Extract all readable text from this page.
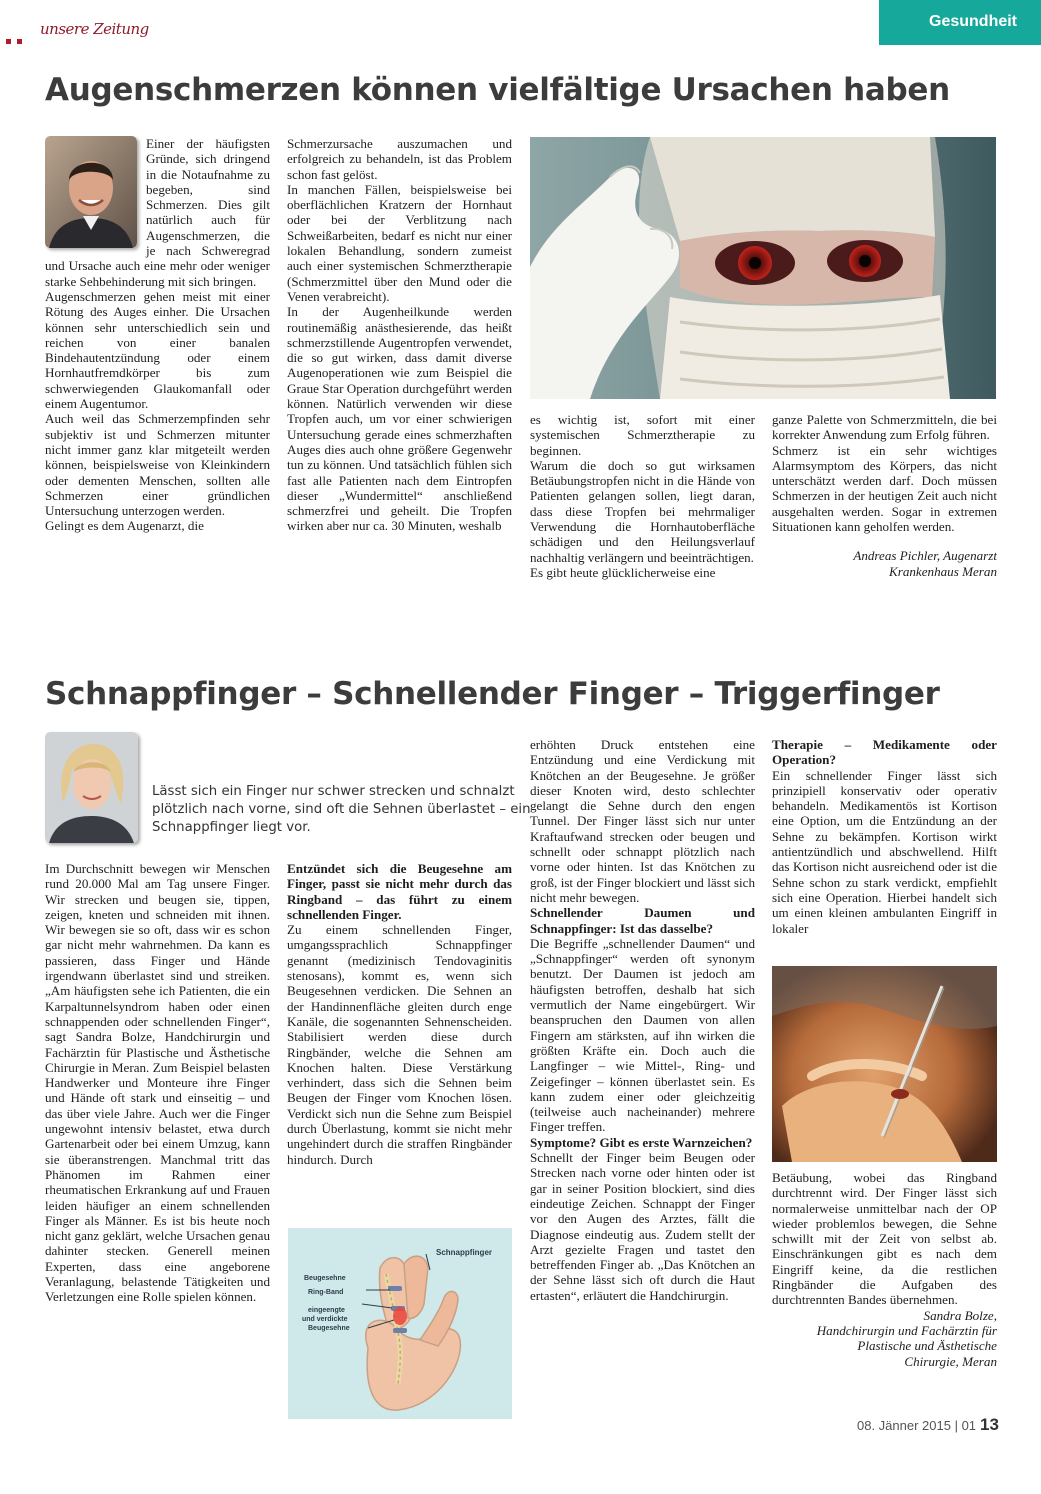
unsere Zeitung	Gesundheit
Augenschmerzen können vielfältige Ursachen haben

Einer der häufigsten Gründe, sich dringend in die Notaufnahme zu begeben, sind Schmerzen. Dies gilt natürlich auch für Augenschmerzen, die je nach Schweregrad und Ursache auch eine mehr oder weniger starke Sehbehinderung mit sich bringen.

Augenschmerzen gehen meist mit einer Rötung des Auges einher. Die Ursachen können sehr unterschiedlich sein und reichen von einer banalen Bindehautentzündung oder einem Hornhautfremdkörper bis zum schwerwiegenden Glaukomanfall oder einem Augentumor.

Auch weil das Schmerzempfinden sehr subjektiv ist und Schmerzen mitunter nicht immer ganz klar mitgeteilt werden können, beispielsweise von Kleinkindern oder dementen Menschen, sollten alle Schmerzen einer gründlichen Untersuchung unterzogen werden.

Gelingt es dem Augenarzt, die

Schmerzursache auszumachen und erfolgreich zu behandeln, ist das Problem schon fast gelöst.

In manchen Fällen, beispielsweise bei oberflächlichen Kratzern der Hornhaut oder bei der Verblitzung nach Schweißarbeiten, bedarf es nicht nur einer lokalen Behandlung, sondern zumeist auch einer systemischen Schmerztherapie (Schmerzmittel über den Mund oder die Venen verabreicht).

In der Augenheilkunde werden routinemäßig anästhesierende, das heißt schmerzstillende Augentropfen verwendet, die so gut wirken, dass damit diverse Augenoperationen wie zum Beispiel die Graue Star Operation durchgeführt werden können. Natürlich verwenden wir diese Tropfen auch, um vor einer schwierigen Untersuchung gerade eines schmerzhaften Auges dies auch ohne größere Gegenwehr tun zu können. Und tatsächlich fühlen sich fast alle Patienten nach dem Eintropfen dieser „Wundermittel“ anschließend schmerzfrei und geheilt. Die Tropfen wirken aber nur ca. 30 Minuten, weshalb

es wichtig ist, sofort mit einer systemischen Schmerztherapie zu beginnen.

Warum die doch so gut wirksamen Betäubungstropfen nicht in die Hände von Patienten gelangen sollen, liegt daran, dass diese Tropfen bei mehrmaliger Verwendung die Hornhautoberfläche schädigen und den Heilungsverlauf nachhaltig verlängern und beeinträchtigen.

Es gibt heute glücklicherweise eine

ganze Palette von Schmerzmitteln, die bei korrekter Anwendung zum Erfolg führen.

Schmerz ist ein sehr wichtiges Alarmsymptom des Körpers, das nicht unterschätzt werden darf. Doch müssen Schmerzen in der heutigen Zeit auch nicht ausgehalten werden. Sogar in extremen Situationen kann geholfen werden.

Andreas Pichler, Augenarzt
Krankenhaus Meran

Schnappfinger – Schnellender Finger – Triggerfinger
Lässt sich ein Finger nur schwer strecken und schnalzt plötzlich nach vorne, sind oft die Sehnen überlastet – ein Schnappfinger liegt vor.

Im Durchschnitt bewegen wir Menschen rund 20.000 Mal am Tag unsere Finger. Wir strecken und beugen sie, tippen, zeigen, kneten und schneiden mit ihnen. Wir bewegen sie so oft, dass wir es schon gar nicht mehr wahrnehmen. Da kann es passieren, dass Finger und Hände irgendwann überlastet sind und streiken. „Am häufigsten sehe ich Patienten, die ein Karpaltunnelsyndrom haben oder einen schnappenden oder schnellenden Finger“, sagt Sandra Bolze, Handchirurgin und Fachärztin für Plastische und Ästhetische Chirurgie in Meran. Zum Beispiel belasten Handwerker und Monteure ihre Finger und Hände oft stark und einseitig – und das über viele Jahre. Auch wer die Finger ungewohnt intensiv belastet, etwa durch Gartenarbeit oder bei einem Umzug, kann sie überanstrengen. Manchmal tritt das Phänomen im Rahmen einer rheumatischen Erkrankung auf und Frauen leiden häufiger an einem schnellenden Finger als Männer. Es ist bis heute noch nicht ganz geklärt, welche Ursachen genau dahinter stecken. Generell meinen Experten, dass eine angeborene Veranlagung, belastende Tätigkeiten und Verletzungen eine Rolle spielen können.

Entzündet sich die Beugesehne am Finger, passt sie nicht mehr durch das Ringband – das führt zu einem schnellenden Finger.

Zu einem schnellenden Finger, umgangssprachlich Schnappfinger genannt (medizinisch Tendovaginitis stenosans), kommt es, wenn sich Beugesehnen verdicken. Die Sehnen an der Handinnenfläche gleiten durch enge Kanäle, die sogenannten Sehnenscheiden. Stabilisiert werden diese durch Ringbänder, welche die Sehnen am Knochen halten. Diese Verstärkung verhindert, dass sich die Sehnen beim Beugen der Finger vom Knochen lösen. Verdickt sich nun die Sehne zum Beispiel durch Überlastung, kommt sie nicht mehr ungehindert durch die straffen Ringbänder hindurch. Durch

Schnappfinger
Beugesehne
Ring-Band
eingeengte
und verdickte
Beugesehne

erhöhten Druck entstehen eine Entzündung und eine Verdickung mit Knötchen an der Beugesehne. Je größer dieser Knoten wird, desto schlechter gelangt die Sehne durch den engen Tunnel. Der Finger lässt sich nur unter Kraftaufwand strecken oder beugen und schnellt oder schnappt plötzlich nach vorne oder hinten. Ist das Knötchen zu groß, ist der Finger blockiert und lässt sich nicht mehr bewegen.

Schnellender Daumen und Schnappfinger: Ist das dasselbe?

Die Begriffe „schnellender Daumen“ und „Schnappfinger“ werden oft synonym benutzt. Der Daumen ist jedoch am häufigsten betroffen, deshalb hat sich vermutlich der Name eingebürgert. Wir beanspruchen den Daumen von allen Fingern am stärksten, auf ihn wirken die größten Kräfte ein. Doch auch die Langfinger – wie Mittel-, Ring- und Zeigefinger – können überlastet sein. Es kann zudem einer oder gleichzeitig (teilweise auch nacheinander) mehrere Finger treffen.

Symptome? Gibt es erste Warnzeichen?

Schnellt der Finger beim Beugen oder Strecken nach vorne oder hinten oder ist gar in seiner Position blockiert, sind dies eindeutige Zeichen. Schnappt der Finger vor den Augen des Arztes, fällt die Diagnose eindeutig aus. Zudem stellt der Arzt gezielte Fragen und tastet den betreffenden Finger ab. „Das Knötchen an der Sehne lässt sich oft durch die Haut ertasten“, erläutert die Handchirurgin.

Therapie – Medikamente oder Operation?

Ein schnellender Finger lässt sich prinzipiell konservativ oder operativ behandeln. Medikamentös ist Kortison eine Option, um die Entzündung an der Sehne zu bekämpfen. Kortison wirkt antientzündlich und abschwellend. Hilft das Kortison nicht ausreichend oder ist die Sehne schon zu stark verdickt, empfiehlt sich eine Operation. Hierbei handelt sich um einen kleinen ambulanten Eingriff in lokaler

Betäubung, wobei das Ringband durchtrennt wird. Der Finger lässt sich normalerweise unmittelbar nach der OP wieder problemlos bewegen, die Sehne schwillt mit der Zeit von selbst ab. Einschränkungen gibt es nach dem Eingriff keine, da die restlichen Ringbänder die Aufgaben des durchtrennten Bandes übernehmen.

Sandra Bolze,
Handchirurgin und Fachärztin für
Plastische und Ästhetische
Chirurgie, Meran

08. Jänner 2015 | 01 13
